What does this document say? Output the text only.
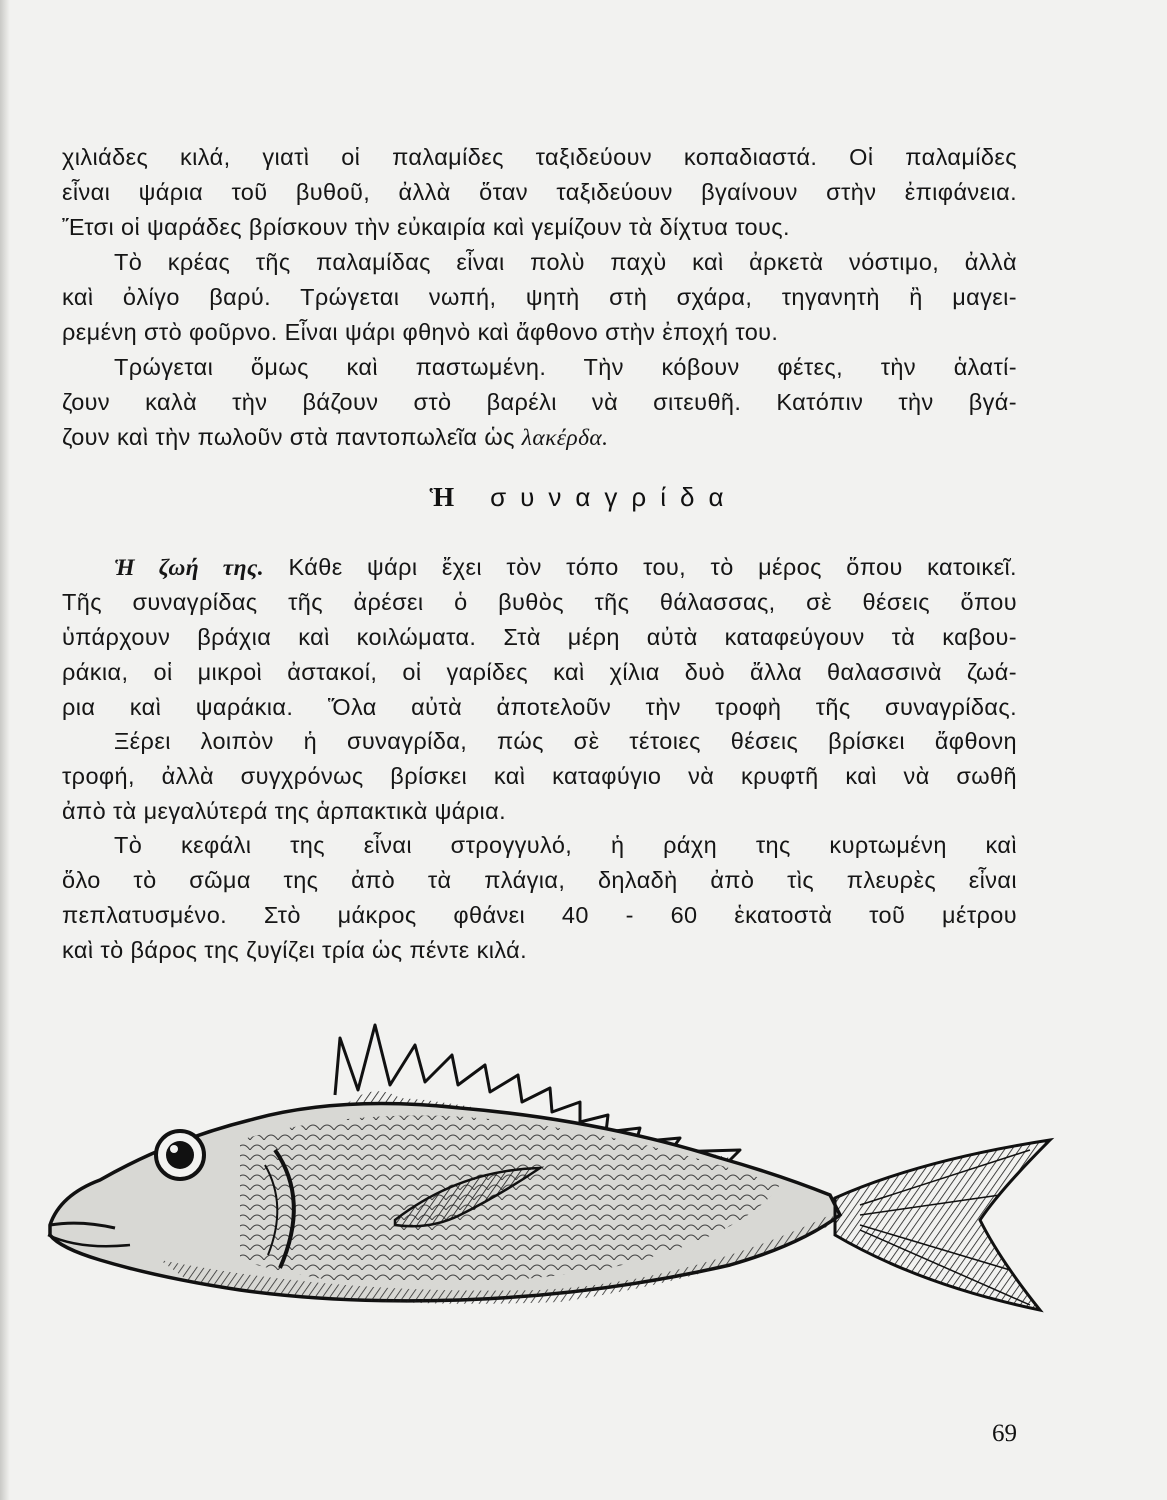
χιλιάδες κιλά, γιατὶ οἱ παλαμίδες ταξιδεύουν κοπαδιαστά. Οἱ παλαμίδες
εἶναι ψάρια τοῦ βυθοῦ, ἀλλὰ ὅταν ταξιδεύουν βγαίνουν στὴν ἐπιφάνεια.
Ἔτσι οἱ ψαράδες βρίσκουν τὴν εὐκαιρία καὶ γεμίζουν τὰ δίχτυα τους.
Τὸ κρέας τῆς παλαμίδας εἶναι πολὺ παχὺ καὶ ἀρκετὰ νόστιμο, ἀλλὰ
καὶ ὀλίγο βαρύ. Τρώγεται νωπή, ψητὴ στὴ σχάρα, τηγανητὴ ἢ μαγει-
ρεμένη στὸ φοῦρνο. Εἶναι ψάρι φθηνὸ καὶ ἄφθονο στὴν ἐποχή του.
Τρώγεται ὅμως καὶ παστωμένη. Τὴν κόβουν φέτες, τὴν ἁλατί-
ζουν καλὰ τὴν βάζουν στὸ βαρέλι νὰ σιτευθῆ. Κατόπιν τὴν βγά-
ζουν καὶ τὴν πωλοῦν στὰ παντοπωλεῖα ὡς λακέρδα.
Ἡ συναγρίδα
Ἡ ζωή της. Κάθε ψάρι ἔχει τὸν τόπο του, τὸ μέρος ὅπου κατοικεῖ.
Τῆς συναγρίδας τῆς ἀρέσει ὁ βυθὸς τῆς θάλασσας, σὲ θέσεις ὅπου
ὑπάρχουν βράχια καὶ κοιλώματα. Στὰ μέρη αὐτὰ καταφεύγουν τὰ καβου-
ράκια, οἱ μικροὶ ἀστακοί, οἱ γαρίδες καὶ χίλια δυὸ ἄλλα θαλασσινὰ ζωά-
ρια καὶ ψαράκια. Ὅλα αὐτὰ ἀποτελοῦν τὴν τροφὴ τῆς συναγρίδας.
Ξέρει λοιπὸν ἡ συναγρίδα, πώς σὲ τέτοιες θέσεις βρίσκει ἄφθονη
τροφή, ἀλλὰ συγχρόνως βρίσκει καὶ καταφύγιο νὰ κρυφτῆ καὶ νὰ σωθῆ
ἀπὸ τὰ μεγαλύτερά της ἁρπακτικὰ ψάρια.
Τὸ κεφάλι της εἶναι στρογγυλό, ἡ ράχη της κυρτωμένη καὶ
ὅλο τὸ σῶμα της ἀπὸ τὰ πλάγια, δηλαδὴ ἀπὸ τὶς πλευρὲς εἶναι
πεπλατυσμένο. Στὸ μάκρος φθάνει 40 - 60 ἑκατοστὰ τοῦ μέτρου
καὶ τὸ βάρος της ζυγίζει τρία ὡς πέντε κιλά.
69
